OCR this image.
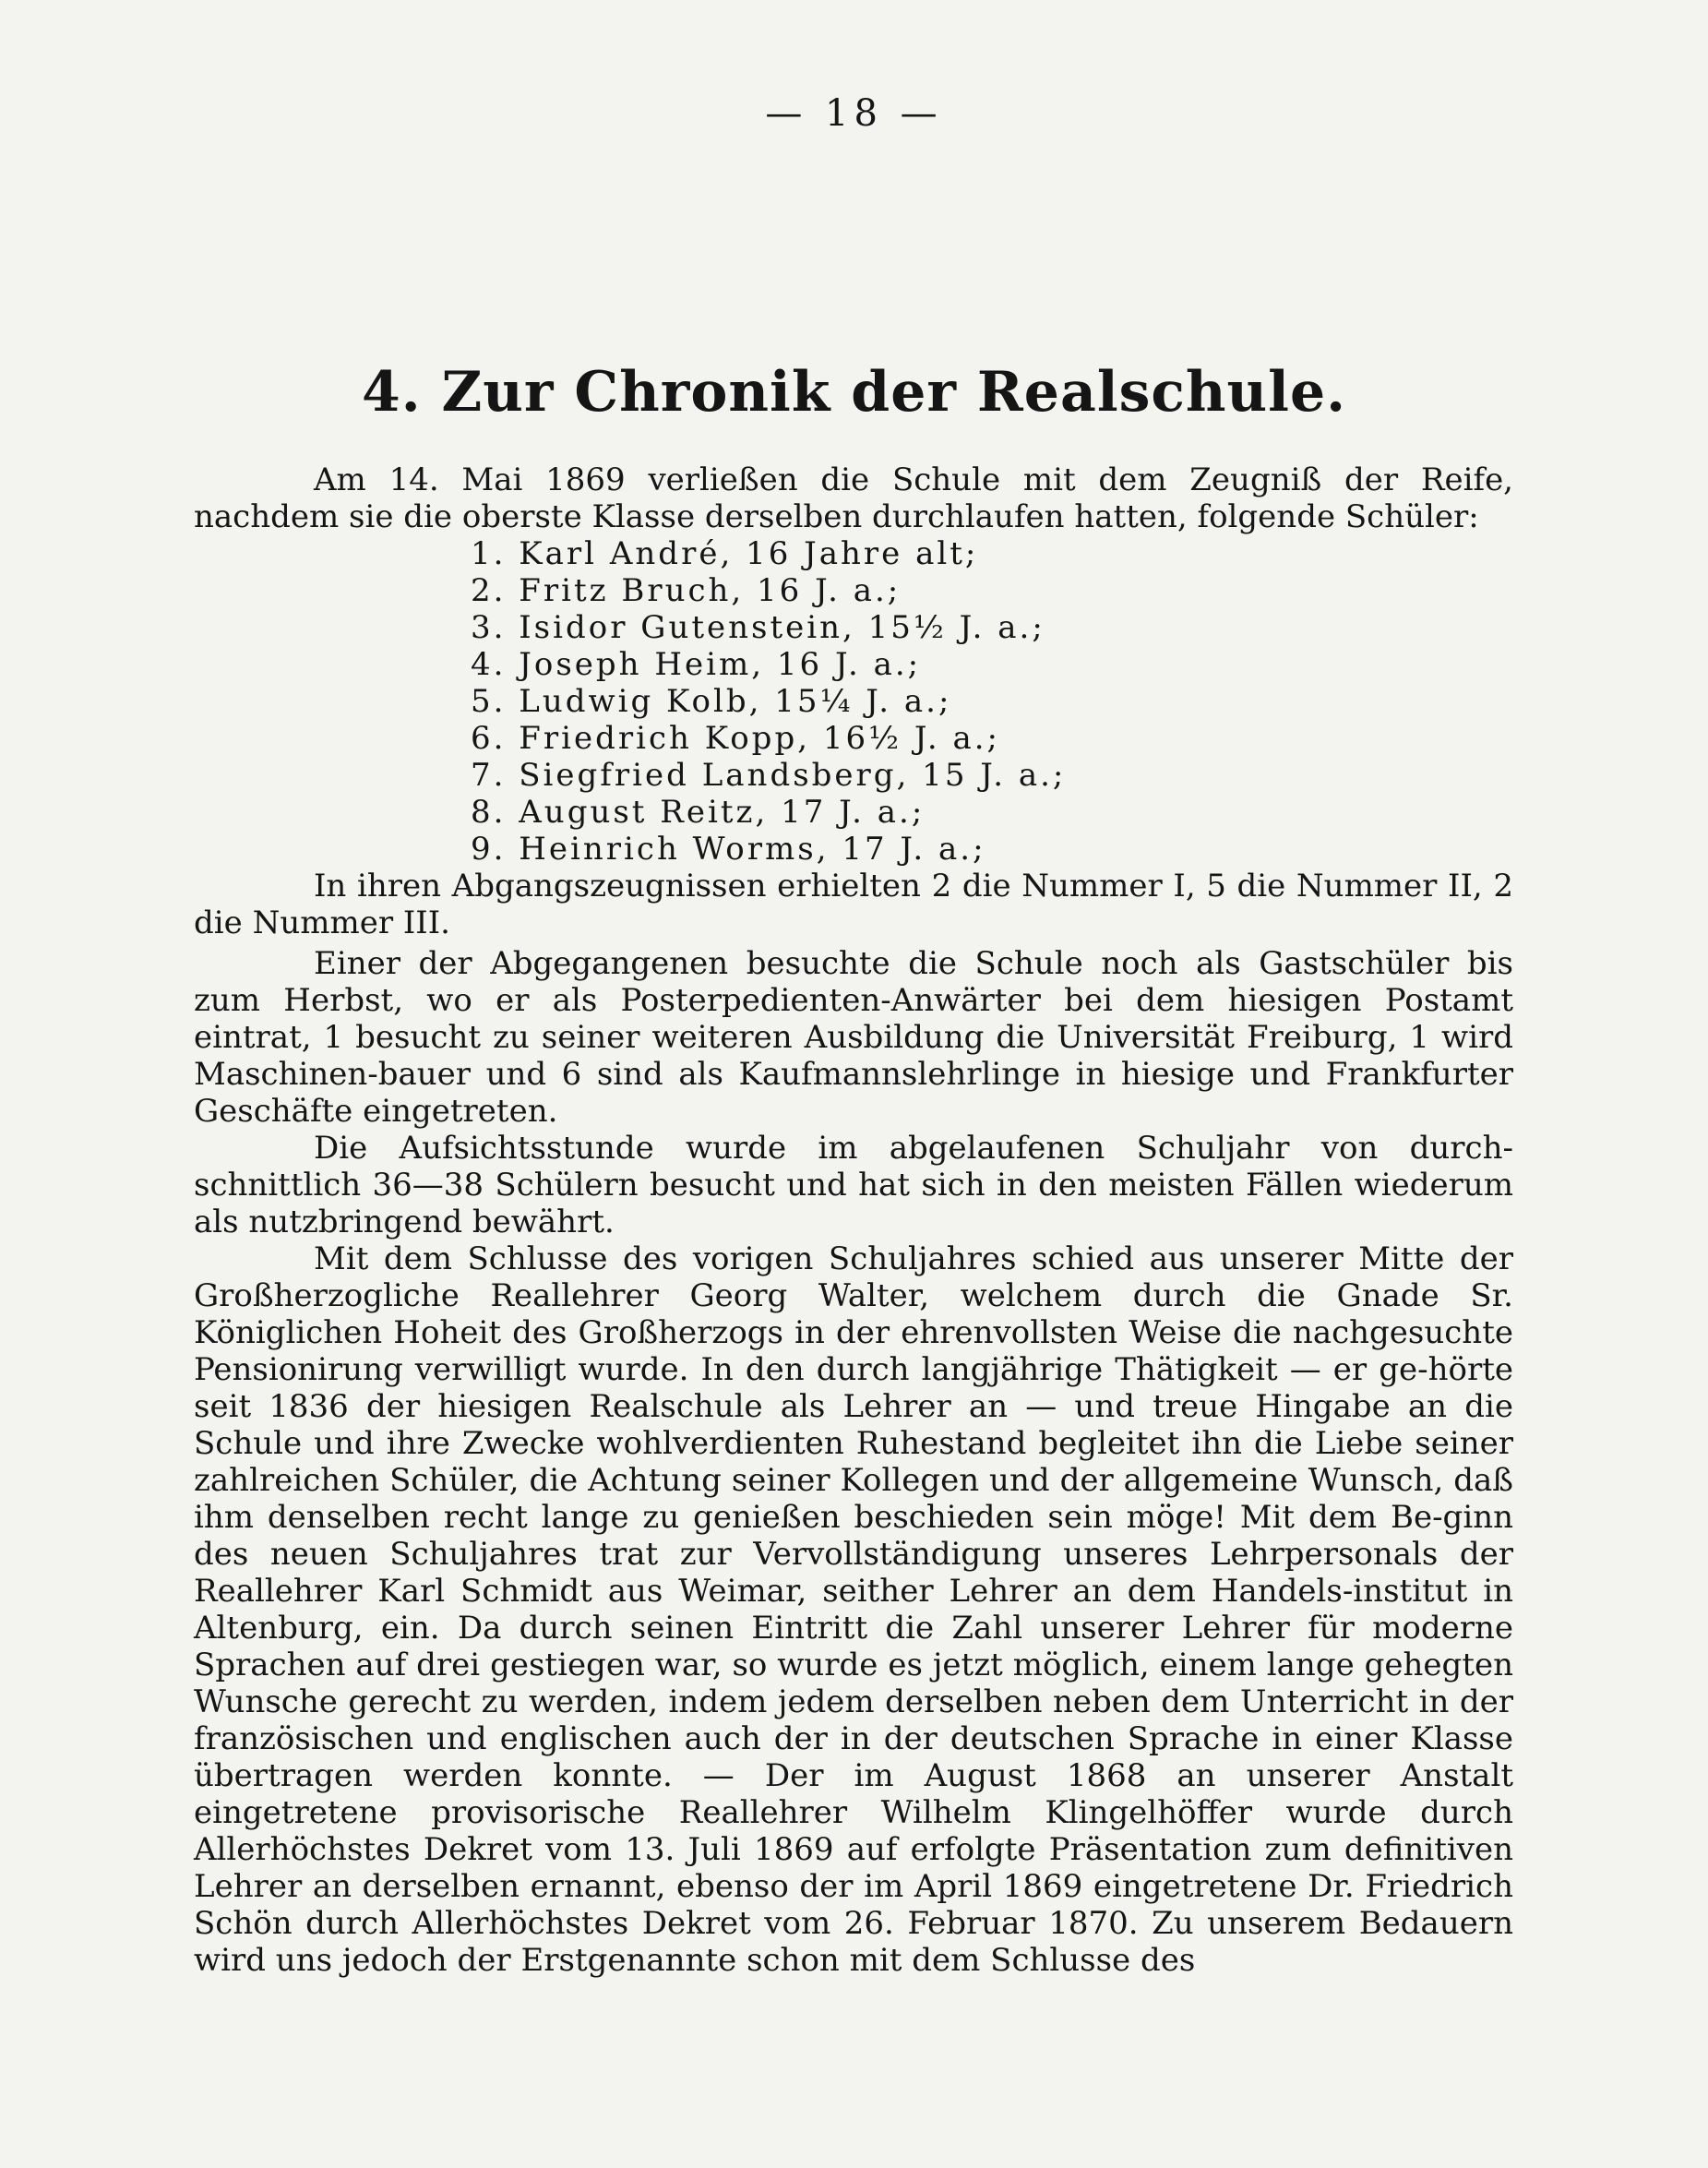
— 18 —
4. Zur Chronik der Realschule.

Am 14. Mai 1869 verließen die Schule mit dem Zeugniß der Reife, nachdem sie die oberste Klasse derselben durchlaufen hatten, folgende Schüler:

1. Karl André, 16 Jahre alt;
2. Fritz Bruch, 16 J. a.;
3. Isidor Gutenstein, 15½ J. a.;
4. Joseph Heim, 16 J. a.;
5. Ludwig Kolb, 15¼ J. a.;
6. Friedrich Kopp, 16½ J. a.;
7. Siegfried Landsberg, 15 J. a.;
8. August Reitz, 17 J. a.;
9. Heinrich Worms, 17 J. a.;

In ihren Abgangszeugnissen erhielten 2 die Nummer I, 5 die Nummer II, 2 die Nummer III.

Einer der Abgegangenen besuchte die Schule noch als Gastschüler bis zum Herbst, wo er als Posterpedienten-Anwärter bei dem hiesigen Postamt eintrat, 1 besucht zu seiner weiteren Ausbildung die Universität Freiburg, 1 wird Maschinen-bauer und 6 sind als Kaufmannslehrlinge in hiesige und Frankfurter Geschäfte eingetreten.

Die Aufsichtsstunde wurde im abgelaufenen Schuljahr von durch-schnittlich 36—38 Schülern besucht und hat sich in den meisten Fällen wiederum als nutzbringend bewährt.

Mit dem Schlusse des vorigen Schuljahres schied aus unserer Mitte der Großherzogliche Reallehrer Georg Walter, welchem durch die Gnade Sr. Königlichen Hoheit des Großherzogs in der ehrenvollsten Weise die nachgesuchte Pensionirung verwilligt wurde. In den durch langjährige Thätigkeit — er ge-hörte seit 1836 der hiesigen Realschule als Lehrer an — und treue Hingabe an die Schule und ihre Zwecke wohlverdienten Ruhestand begleitet ihn die Liebe seiner zahlreichen Schüler, die Achtung seiner Kollegen und der allgemeine Wunsch, daß ihm denselben recht lange zu genießen beschieden sein möge! Mit dem Be-ginn des neuen Schuljahres trat zur Vervollständigung unseres Lehrpersonals der Reallehrer Karl Schmidt aus Weimar, seither Lehrer an dem Handels-institut in Altenburg, ein. Da durch seinen Eintritt die Zahl unserer Lehrer für moderne Sprachen auf drei gestiegen war, so wurde es jetzt möglich, einem lange gehegten Wunsche gerecht zu werden, indem jedem derselben neben dem Unterricht in der französischen und englischen auch der in der deutschen Sprache in einer Klasse übertragen werden konnte. — Der im August 1868 an unserer Anstalt eingetretene provisorische Reallehrer Wilhelm Klingelhöffer wurde durch Allerhöchstes Dekret vom 13. Juli 1869 auf erfolgte Präsentation zum definitiven Lehrer an derselben ernannt, ebenso der im April 1869 eingetretene Dr. Friedrich Schön durch Allerhöchstes Dekret vom 26. Februar 1870. Zu unserem Bedauern wird uns jedoch der Erstgenannte schon mit dem Schlusse des
